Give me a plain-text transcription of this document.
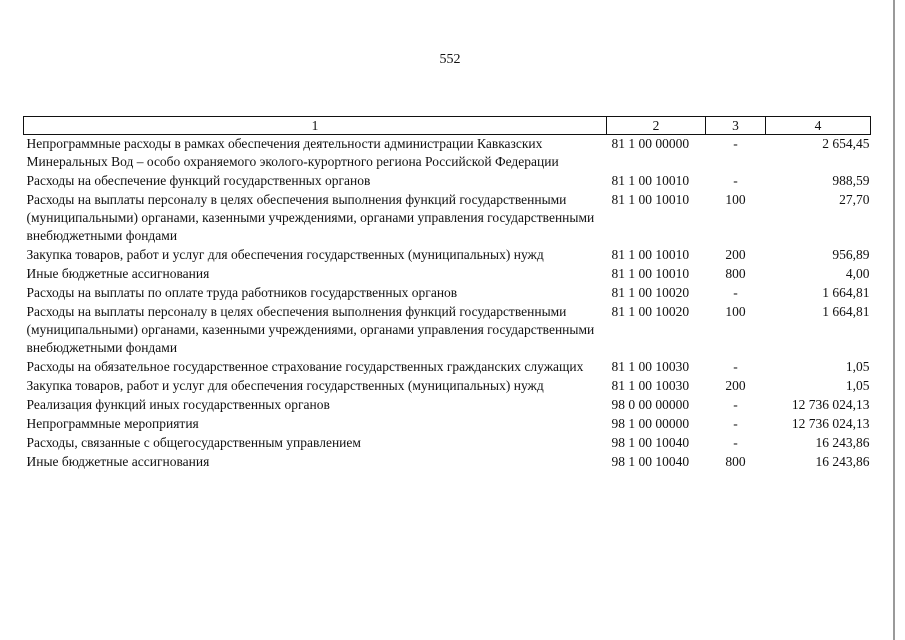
552
1	2	3	4
Непрограммные расходы в рамках обеспечения деятельности администрации Кавказских Минеральных Вод – особо охраняемого эколого-курортного региона Российской Федерации	81 1 00 00000	-	2 654,45
Расходы на обеспечение функций государственных органов	81 1 00 10010	-	988,59
Расходы на выплаты персоналу в целях обеспечения выполнения функций государственными (муниципальными) органами, казенными учреждениями, органами управления государственными внебюджетными фондами	81 1 00 10010	100	27,70
Закупка товаров, работ и услуг для обеспечения государственных (муниципальных) нужд	81 1 00 10010	200	956,89
Иные бюджетные ассигнования	81 1 00 10010	800	4,00
Расходы на выплаты по оплате труда работников государственных органов	81 1 00 10020	-	1 664,81
Расходы на выплаты персоналу в целях обеспечения выполнения функций государственными (муниципальными) органами, казенными учреждениями, органами управления государственными внебюджетными фондами	81 1 00 10020	100	1 664,81
Расходы на обязательное государственное страхование государственных гражданских служащих	81 1 00 10030	-	1,05
Закупка товаров, работ и услуг для обеспечения государственных (муниципальных) нужд	81 1 00 10030	200	1,05
Реализация функций иных государственных органов	98 0 00 00000	-	12 736 024,13
Непрограммные мероприятия	98 1 00 00000	-	12 736 024,13
Расходы, связанные с общегосударственным управлением	98 1 00 10040	-	16 243,86
Иные бюджетные ассигнования	98 1 00 10040	800	16 243,86
